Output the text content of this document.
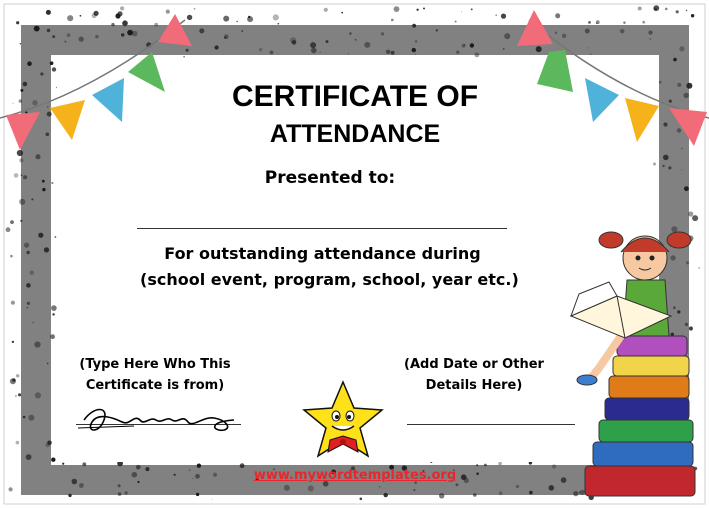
CERTIFICATE OF
ATTENDANCE
Presented to:
For outstanding attendance during
(school event, program, school, year etc.)
(Type Here Who This
Certificate is from)
(Add Date or Other
Details Here)
www.mywordtemplates.org
